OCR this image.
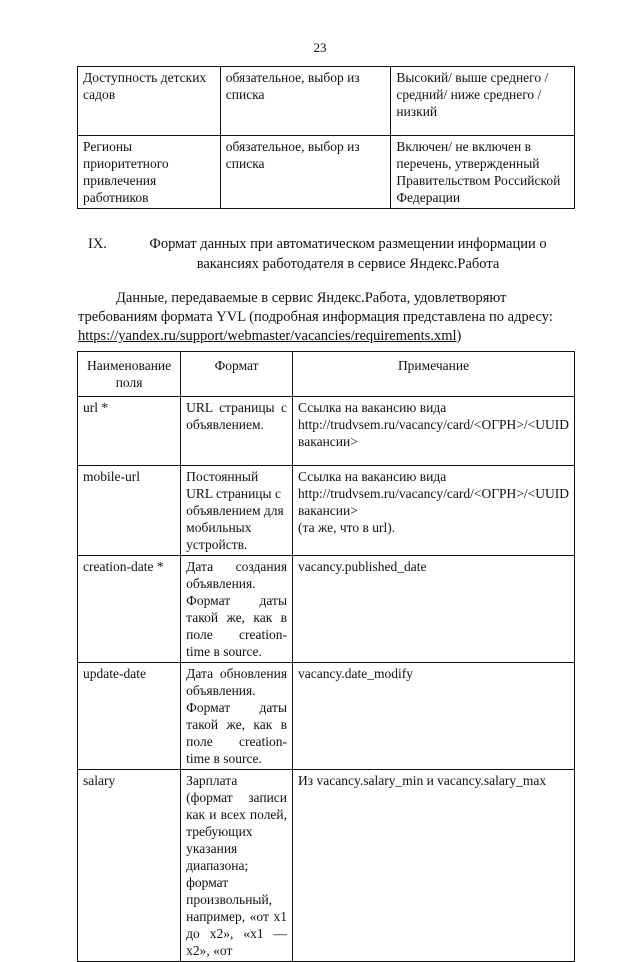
23
Доступность детских садов	обязательное, выбор из списка	Высокий/ выше среднего / средний/ ниже среднего / низкий
Регионы приоритетного привлечения работников	обязательное, выбор из списка	Включен/ не включен в перечень, утвержденный Правительством Российской Федерации
IX.	Формат данных при автоматическом размещении информации о вакансиях работодателя в сервисе Яндекс.Работа
Данные, передаваемые в сервис Яндекс.Работа, удовлетворяют требованиям формата YVL (подробная информация представлена по адресу: https://yandex.ru/support/webmaster/vacancies/requirements.xml)
Наименование поля	Формат	Примечание
url *	URL страницы с объявлением.	Ссылка на вакансию вида http://trudvsem.ru/vacancy/card/<ОГРН>/<UUID вакансии>
mobile-url	Постоянный URL страницы с объявлением для мобильных устройств.	Ссылка на вакансию вида http://trudvsem.ru/vacancy/card/<ОГРН>/<UUID вакансии>
(та же, что в url).
creation-date *	Дата создания объявления. Формат даты такой же, как в поле creation-time в source.	vacancy.published_date
update-date	Дата обновления объявления. Формат даты такой же, как в поле creation-time в source.	vacancy.date_modify
salary	Зарплата (формат записи как и всех полей, требующих указания диапазона; формат произвольный, например, «от x1 до x2», «x1 — x2», «от	Из vacancy.salary_min и vacancy.salary_max
